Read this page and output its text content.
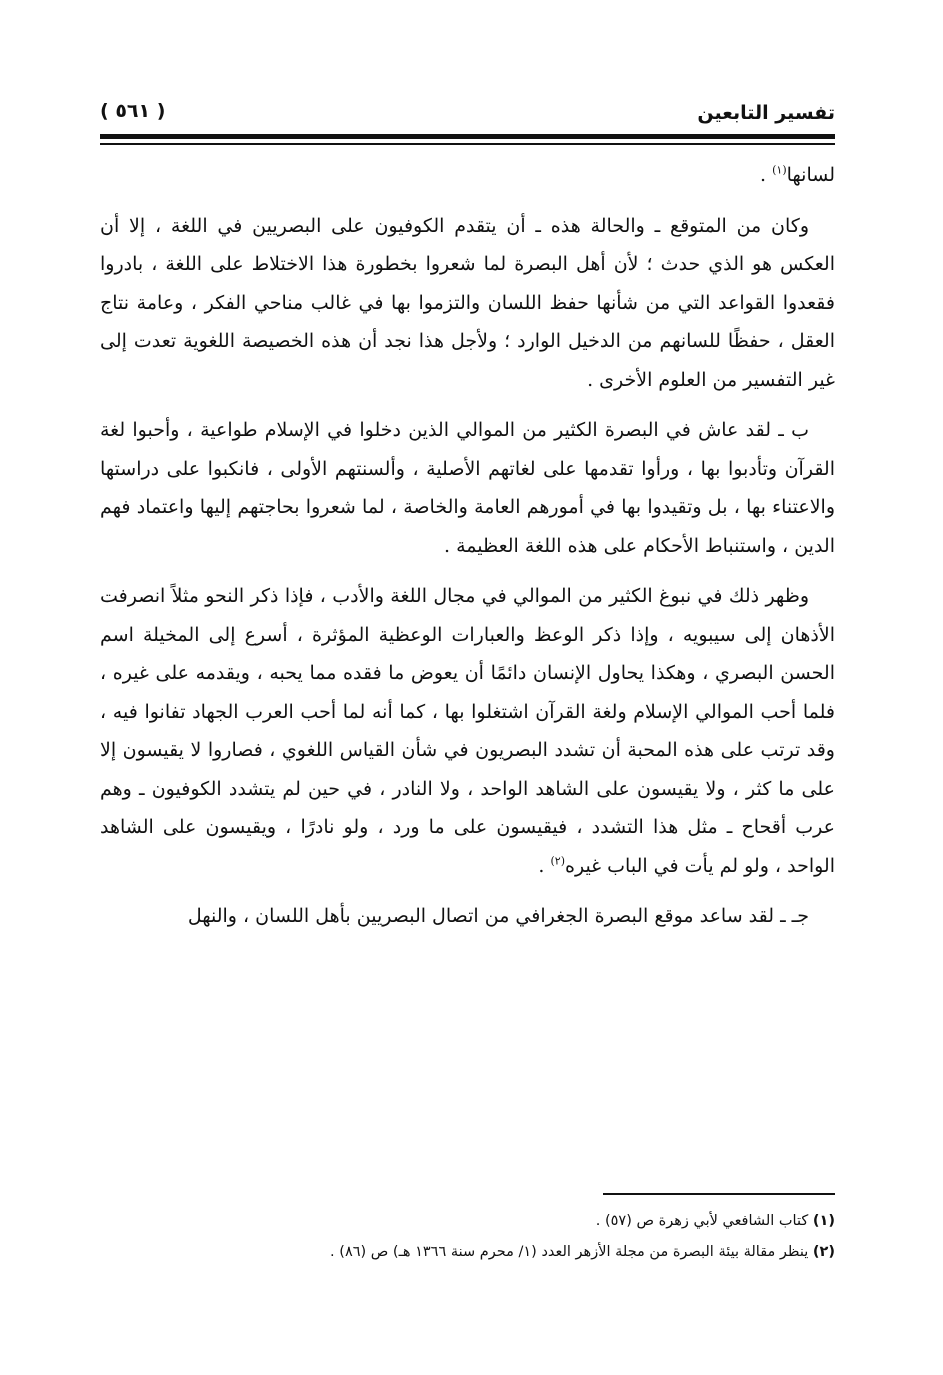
تفسير التابعين
( ٥٦١ )

لسانها$^{(١)}$ .

وكان من المتوقع ـ والحالة هذه ـ أن يتقدم الكوفيون على البصريين في اللغة ، إلا أن العكس هو الذي حدث ؛ لأن أهل البصرة لما شعروا بخطورة هذا الاختلاط على اللغة ، بادروا فقعدوا القواعد التي من شأنها حفظ اللسان والتزموا بها في غالب مناحي الفكر ، وعامة نتاج العقل ، حفظًا للسانهم من الدخيل الوارد ؛ ولأجل هذا نجد أن هذه الخصيصة اللغوية تعدت إلى غير التفسير من العلوم الأخرى .

ب ـ لقد عاش في البصرة الكثير من الموالي الذين دخلوا في الإسلام طواعية ، وأحبوا لغة القرآن وتأدبوا بها ، ورأوا تقدمها على لغاتهم الأصلية ، وألسنتهم الأولى ، فانكبوا على دراستها والاعتناء بها ، بل وتقيدوا بها في أمورهم العامة والخاصة ، لما شعروا بحاجتهم إليها واعتماد فهم الدين ، واستنباط الأحكام على هذه اللغة العظيمة .

وظهر ذلك في نبوغ الكثير من الموالي في مجال اللغة والأدب ، فإذا ذكر النحو مثلاً انصرفت الأذهان إلى سيبويه ، وإذا ذكر الوعظ والعبارات الوعظية المؤثرة ، أسرع إلى المخيلة اسم الحسن البصري ، وهكذا يحاول الإنسان دائمًا أن يعوض ما فقده مما يحبه ، ويقدمه على غيره ، فلما أحب الموالي الإسلام ولغة القرآن اشتغلوا بها ، كما أنه لما أحب العرب الجهاد تفانوا فيه ، وقد ترتب على هذه المحبة أن تشدد البصريون في شأن القياس اللغوي ، فصاروا لا يقيسون إلا على ما كثر ، ولا يقيسون على الشاهد الواحد ، ولا النادر ، في حين لم يتشدد الكوفيون ـ وهم عرب أقحاح ـ مثل هذا التشدد ، فيقيسون على ما ورد ، ولو نادرًا ، ويقيسون على الشاهد الواحد ، ولو لم يأت في الباب غيره$^{(٢)}$ .

جـ ـ لقد ساعد موقع البصرة الجغرافي من اتصال البصريين بأهل اللسان ، والنهل

(١) كتاب الشافعي لأبي زهرة ص (٥٧) .

(٢) ينظر مقالة بيئة البصرة من مجلة الأزهر العدد (١/ محرم سنة ١٣٦٦ هـ) ص (٨٦) .
